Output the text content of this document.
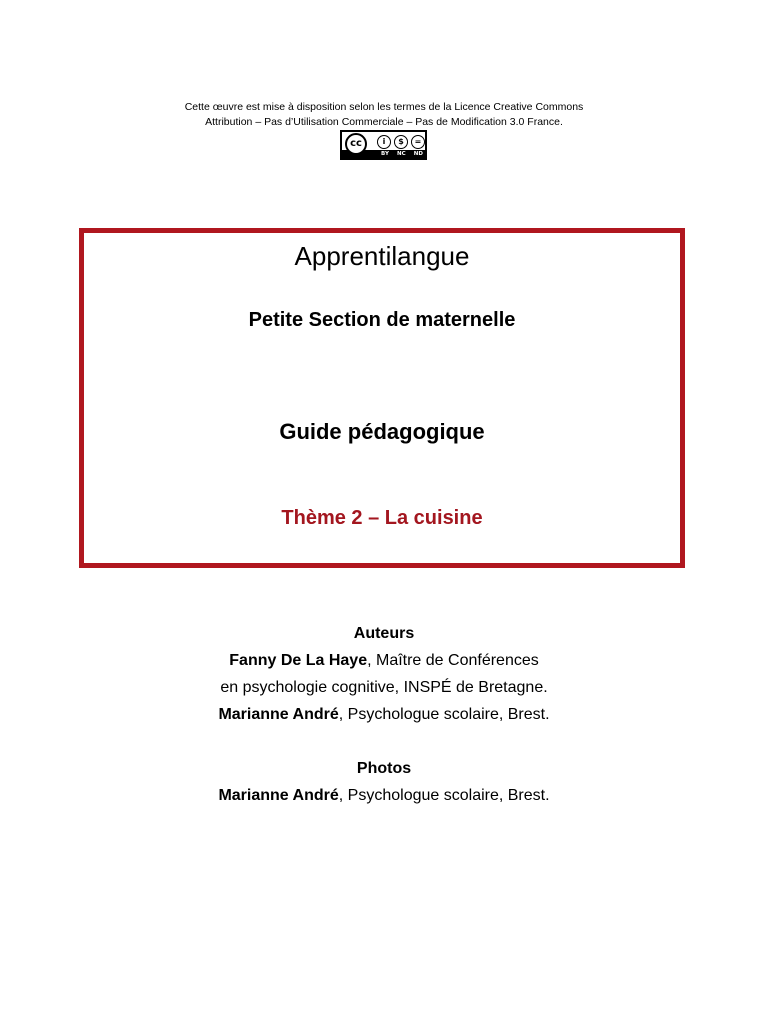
Cette œuvre est mise à disposition selon les termes de la Licence Creative Commons
Attribution – Pas d’Utilisation Commerciale – Pas de Modification 3.0 France.
cc	i	$	=
BY NC ND
Apprentilangue
Petite Section de maternelle
Guide pédagogique
Thème 2 – La cuisine
Auteurs
Fanny De La Haye, Maître de Conférences
en psychologie cognitive, INSPÉ de Bretagne.
Marianne André, Psychologue scolaire, Brest.
Photos
Marianne André, Psychologue scolaire, Brest.
